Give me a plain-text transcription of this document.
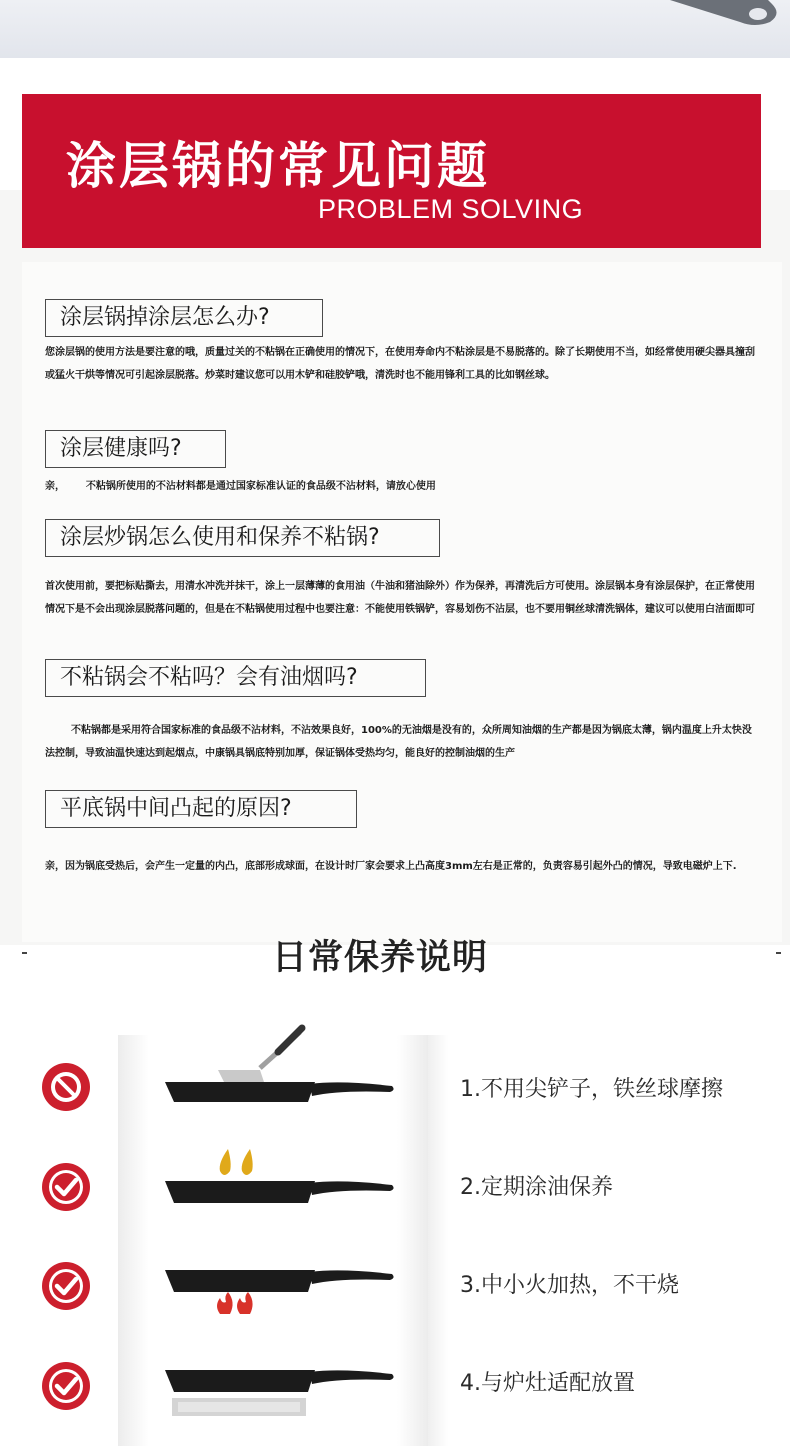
涂层锅的常见问题
PROBLEM SOLVING
涂层锅掉涂层怎么办?
您涂层锅的使用方法是要注意的哦，质量过关的不粘锅在正确使用的情况下，在使用寿命内不粘涂层是不易脱落的。除了长期使用不当，如经常使用硬尖器具撞刮或猛火干烘等情况可引起涂层脱落。炒菜时建议您可以用木铲和硅胶铲哦，清洗时也不能用锋利工具的比如钢丝球。
涂层健康吗?
亲，      不粘锅所使用的不沾材料都是通过国家标准认证的食品级不沾材料，请放心使用
涂层炒锅怎么使用和保养不粘锅?
首次使用前，要把标贴撕去，用清水冲洗并抹干，涂上一层薄薄的食用油（牛油和猪油除外）作为保养，再清洗后方可使用。涂层锅本身有涂层保护，在正常使用情况下是不会出现涂层脱落问题的，但是在不粘锅使用过程中也要注意：不能使用铁锅铲，容易划伤不沾层，也不要用铜丝球清洗锅体，建议可以使用白洁面即可
不粘锅会不粘吗？会有油烟吗?
不粘锅都是采用符合国家标准的食品级不沾材料，不沾效果良好，100%的无油烟是没有的，众所周知油烟的生产都是因为锅底太薄，锅内温度上升太快没法控制，导致油温快速达到起烟点，中康锅具锅底特别加厚，保证锅体受热均匀，能良好的控制油烟的生产
平底锅中间凸起的原因?
亲，因为锅底受热后，会产生一定量的内凸，底部形成球面，在设计时厂家会要求上凸高度3mm左右是正常的，负责容易引起外凸的情况，导致电磁炉上下.
日常保养说明
1.不用尖铲子，铁丝球摩擦
2.定期涂油保养
3.中小火加热，不干烧
4.与炉灶适配放置
